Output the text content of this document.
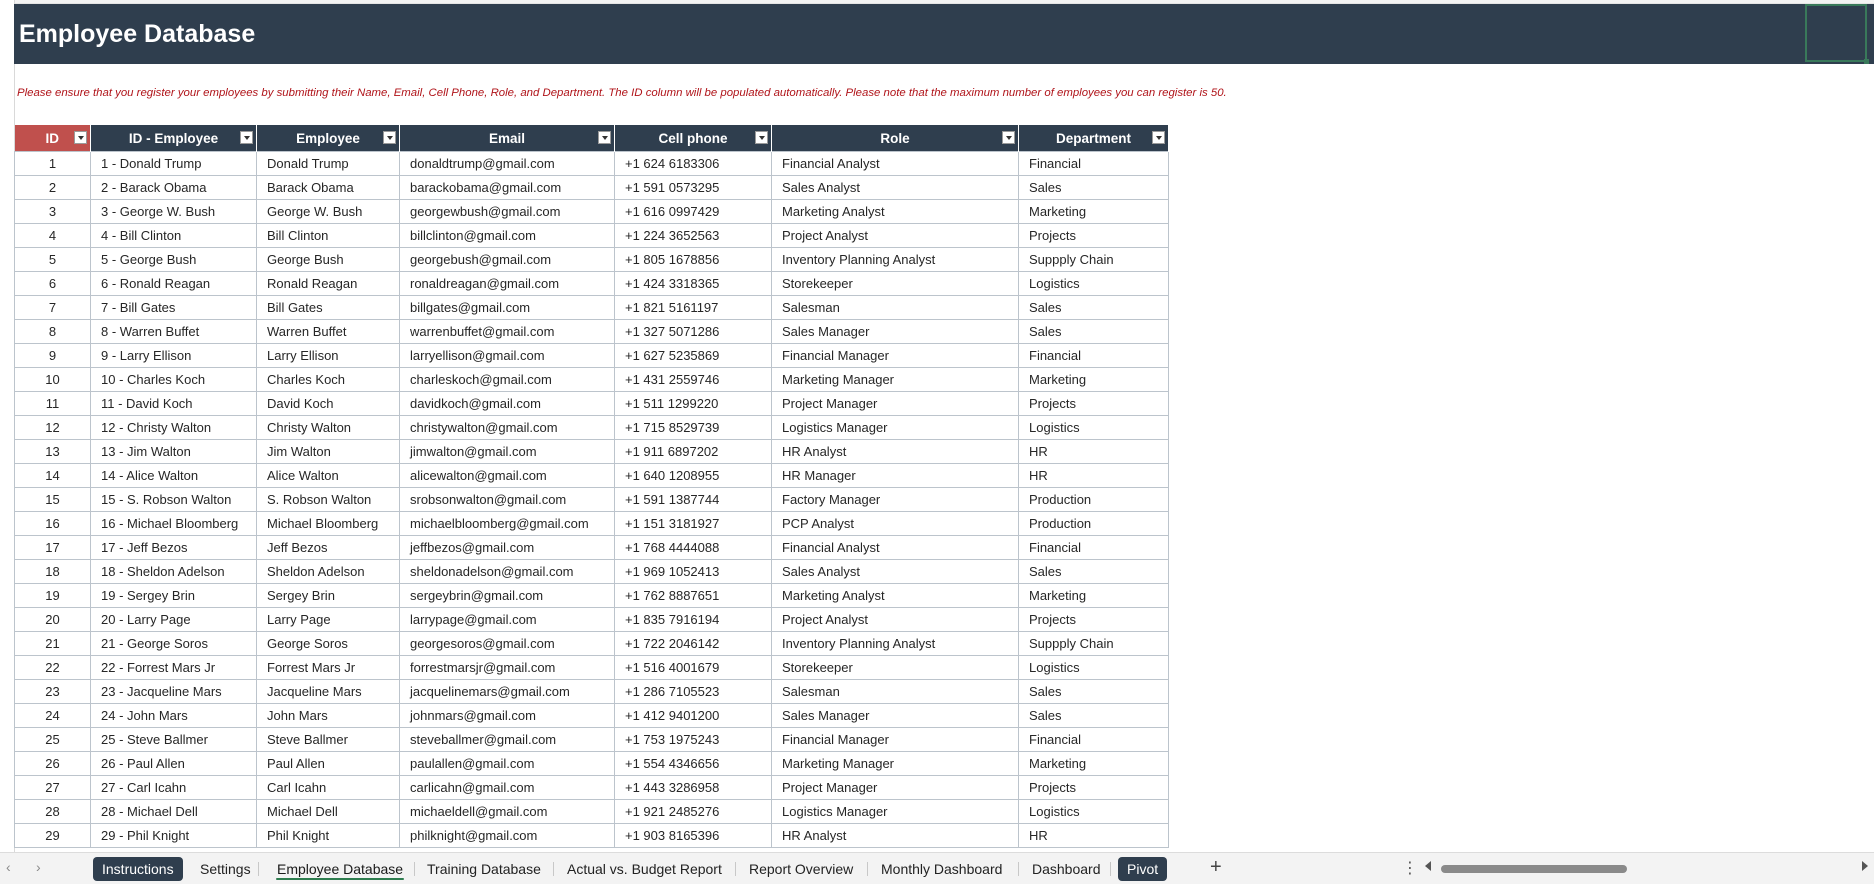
Employee Database
Please ensure that you register your employees by submitting their Name, Email, Cell Phone, Role, and Department. The ID column will be populated automatically. Please note that the maximum number of employees you can register is 50.
ID	ID - Employee	Employee	Email	Cell phone	Role	Department

1	1 - Donald Trump	Donald Trump	donaldtrump@gmail.com	+1 624 6183306	Financial Analyst	Financial
2	2 - Barack Obama	Barack Obama	barackobama@gmail.com	+1 591 0573295	Sales Analyst	Sales
3	3 - George W. Bush	George W. Bush	georgewbush@gmail.com	+1 616 0997429	Marketing Analyst	Marketing
4	4 - Bill Clinton	Bill Clinton	billclinton@gmail.com	+1 224 3652563	Project Analyst	Projects
5	5 - George Bush	George Bush	georgebush@gmail.com	+1 805 1678856	Inventory Planning Analyst	Suppply Chain
6	6 - Ronald Reagan	Ronald Reagan	ronaldreagan@gmail.com	+1 424 3318365	Storekeeper	Logistics
7	7 - Bill Gates	Bill Gates	billgates@gmail.com	+1 821 5161197	Salesman	Sales
8	8 - Warren Buffet	Warren Buffet	warrenbuffet@gmail.com	+1 327 5071286	Sales Manager	Sales
9	9 - Larry Ellison	Larry Ellison	larryellison@gmail.com	+1 627 5235869	Financial Manager	Financial
10	10 - Charles Koch	Charles Koch	charleskoch@gmail.com	+1 431 2559746	Marketing Manager	Marketing
11	11 - David Koch	David Koch	davidkoch@gmail.com	+1 511 1299220	Project Manager	Projects
12	12 - Christy Walton	Christy Walton	christywalton@gmail.com	+1 715 8529739	Logistics Manager	Logistics
13	13 - Jim Walton	Jim Walton	jimwalton@gmail.com	+1 911 6897202	HR Analyst	HR
14	14 - Alice Walton	Alice Walton	alicewalton@gmail.com	+1 640 1208955	HR Manager	HR
15	15 - S. Robson Walton	S. Robson Walton	srobsonwalton@gmail.com	+1 591 1387744	Factory Manager	Production
16	16 - Michael Bloomberg	Michael Bloomberg	michaelbloomberg@gmail.com	+1 151 3181927	PCP Analyst	Production
17	17 - Jeff Bezos	Jeff Bezos	jeffbezos@gmail.com	+1 768 4444088	Financial Analyst	Financial
18	18 - Sheldon Adelson	Sheldon Adelson	sheldonadelson@gmail.com	+1 969 1052413	Sales Analyst	Sales
19	19 - Sergey Brin	Sergey Brin	sergeybrin@gmail.com	+1 762 8887651	Marketing Analyst	Marketing
20	20 - Larry Page	Larry Page	larrypage@gmail.com	+1 835 7916194	Project Analyst	Projects
21	21 - George Soros	George Soros	georgesoros@gmail.com	+1 722 2046142	Inventory Planning Analyst	Suppply Chain
22	22 - Forrest Mars Jr	Forrest Mars Jr	forrestmarsjr@gmail.com	+1 516 4001679	Storekeeper	Logistics
23	23 - Jacqueline Mars	Jacqueline Mars	jacquelinemars@gmail.com	+1 286 7105523	Salesman	Sales
24	24 - John Mars	John Mars	johnmars@gmail.com	+1 412 9401200	Sales Manager	Sales
25	25 - Steve Ballmer	Steve Ballmer	steveballmer@gmail.com	+1 753 1975243	Financial Manager	Financial
26	26 - Paul Allen	Paul Allen	paulallen@gmail.com	+1 554 4346656	Marketing Manager	Marketing
27	27 - Carl Icahn	Carl Icahn	carlicahn@gmail.com	+1 443 3286958	Project Manager	Projects
28	28 - Michael Dell	Michael Dell	michaeldell@gmail.com	+1 921 2485276	Logistics Manager	Logistics
29	29 - Phil Knight	Phil Knight	philknight@gmail.com	+1 903 8165396	HR Analyst	HR
‹ ›	Instructions	Settings	Employee Database	Training Database	Actual vs. Budget Report	Report Overview	Monthly Dashboard	Dashboard	Pivot	+	⋮
